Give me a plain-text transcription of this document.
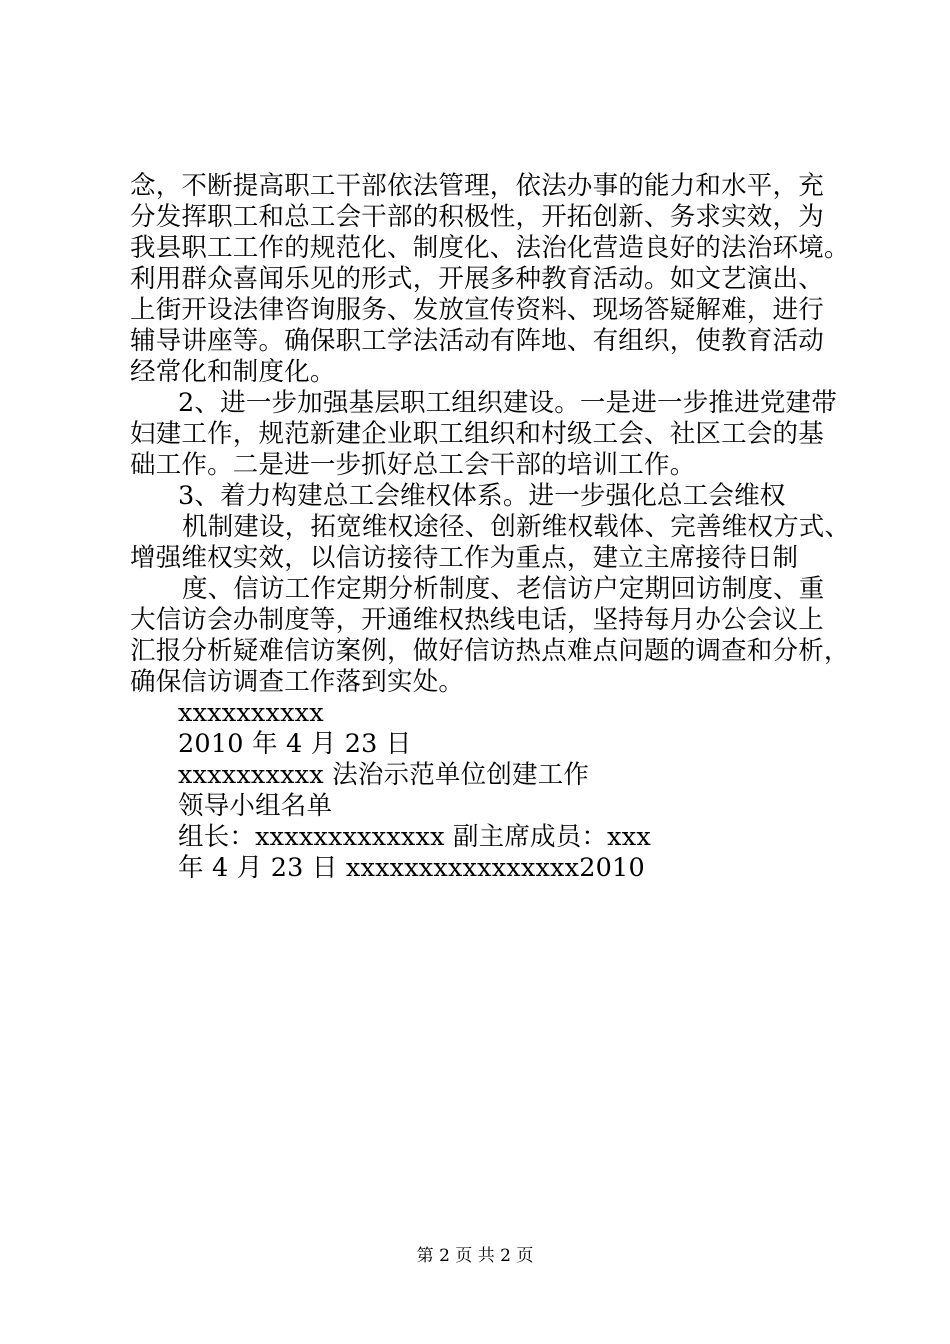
念，不断提高职工干部依法管理，依法办事的能力和水平，充
分发挥职工和总工会干部的积极性，开拓创新、务求实效，为
我县职工工作的规范化、制度化、法治化营造良好的法治环境。
利用群众喜闻乐见的形式，开展多种教育活动。如文艺演出、
上街开设法律咨询服务、发放宣传资料、现场答疑解难，进行
辅导讲座等。确保职工学法活动有阵地、有组织，使教育活动
经常化和制度化。
2、进一步加强基层职工组织建设。一是进一步推进党建带
妇建工作，规范新建企业职工组织和村级工会、社区工会的基
础工作。二是进一步抓好总工会干部的培训工作。
3、着力构建总工会维权体系。进一步强化总工会维权
机制建设，拓宽维权途径、创新维权载体、完善维权方式、
增强维权实效，以信访接待工作为重点，建立主席接待日制
度、信访工作定期分析制度、老信访户定期回访制度、重
大信访会办制度等，开通维权热线电话，坚持每月办公会议上
汇报分析疑难信访案例，做好信访热点难点问题的调查和分析，
确保信访调查工作落到实处。
xxxxxxxxxx
2010 年 4 月 23 日
xxxxxxxxxx 法治示范单位创建工作
领导小组名单
组长：xxxxxxxxxxxxx 副主席成员：xxx
年 4 月 23 日 xxxxxxxxxxxxxxxx2010
第 2 页 共 2 页
